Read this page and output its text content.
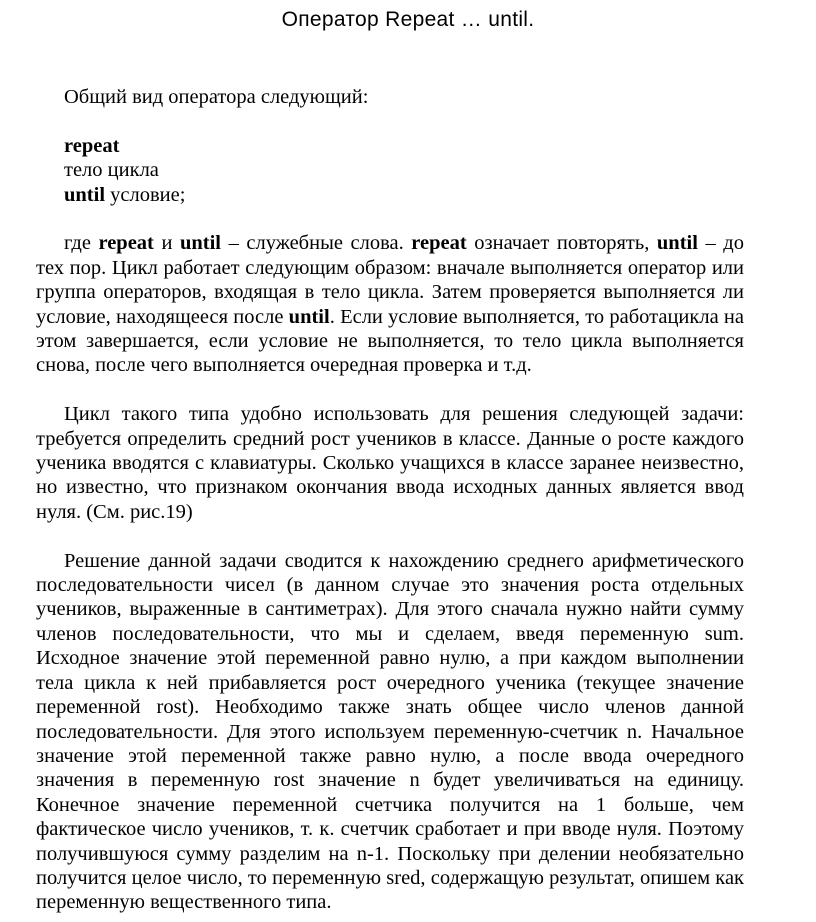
Оператор Repeat … until.

Общий вид оператора следующий:

repeat

тело цикла

until условие;

где repeat и until – служебные слова. repeat означает повторять, until – до тех пор. Цикл работает следующим образом: вначале выполняется оператор или группа операторов, входящая в тело цикла. Затем проверяется выполняется ли условие, находящееся после until. Если условие выполняется, то работацикла на этом завершается, если условие не выполняется, то тело цикла выполняется снова, после чего выполняется очередная проверка и т.д.

Цикл такого типа удобно использовать для решения следующей задачи: требуется определить средний рост учеников в классе. Данные о росте каждого ученика вводятся с клавиатуры. Сколько учащихся в классе заранее неизвестно, но известно, что признаком окончания ввода исходных данных является ввод нуля. (См. рис.19)

Решение данной задачи сводится к нахождению среднего арифметического последовательности чисел (в данном случае это значения роста отдельных учеников, выраженные в сантиметрах). Для этого сначала нужно найти сумму членов последовательности, что мы и сделаем, введя переменную sum. Исходное значение этой переменной равно нулю, а при каждом выполнении тела цикла к ней прибавляется рост очередного ученика (текущее значение переменной rost). Необходимо также знать общее число членов данной последовательности. Для этого используем переменную-счетчик n. Начальное значение этой переменной также равно нулю, а после ввода очередного значения в переменную rost значение n будет увеличиваться на единицу. Конечное значение переменной счетчика получится на 1 больше, чем фактическое число учеников, т. к. счетчик сработает и при вводе нуля. Поэтому получившуюся сумму разделим на n-1. Поскольку при делении необязательно получится целое число, то переменную sred, содержащую результат, опишем как переменную вещественного типа.
